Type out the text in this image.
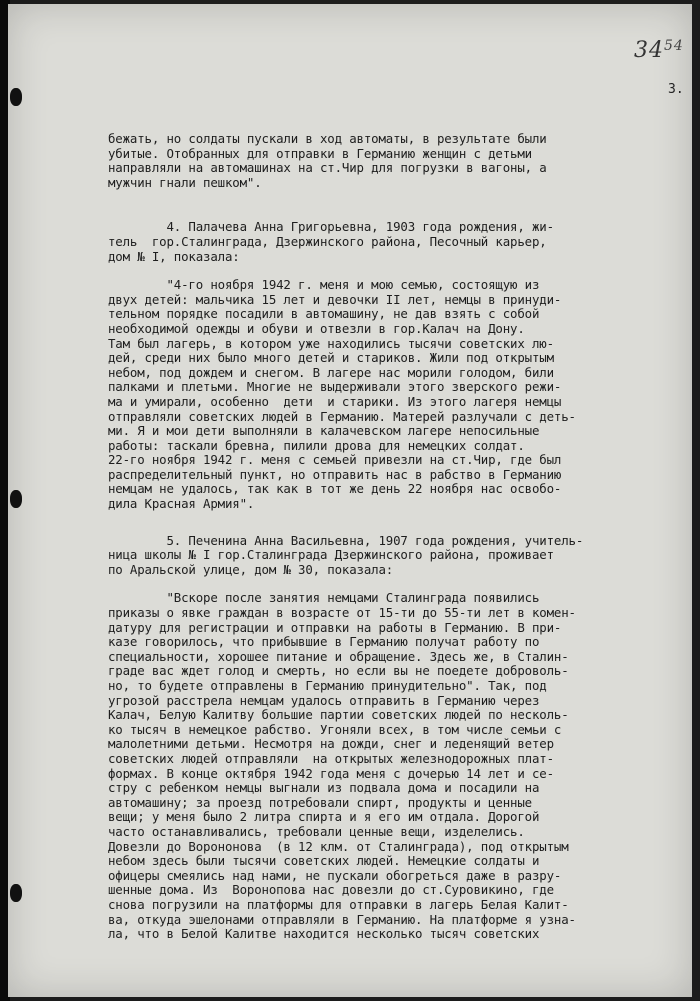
$34^{54}$
3.
бежать, но солдаты пускали в ход автоматы, в результате были
убитые. Отобранных для отправки в Германию женщин с детьми
направляли на автомашинах на ст.Чир для погрузки в вагоны, а
мужчин гнали пешком".
4. Палачева Анна Григорьевна, 1903 года рождения, жи-
тель  гор.Сталинграда, Дзержинского района, Песочный карьер,
дом № I, показала:
"4-го ноября 1942 г. меня и мою семью, состоящую из
двух детей: мальчика 15 лет и девочки II лет, немцы в принуди-
тельном порядке посадили в автомашину, не дав взять с собой
необходимой одежды и обуви и отвезли в гор.Калач на Дону.
Там был лагерь, в котором уже находились тысячи советских лю-
дей, среди них было много детей и стариков. Жили под открытым
небом, под дождем и снегом. В лагере нас морили голодом, били
палками и плетьми. Многие не выдерживали этого зверского режи-
ма и умирали, особенно  дети  и старики. Из этого лагеря немцы
отправляли советских людей в Германию. Матерей разлучали с деть-
ми. Я и мои дети выполняли в калачевском лагере непосильные
работы: таскали бревна, пилили дрова для немецких солдат.
22-го ноября 1942 г. меня с семьей привезли на ст.Чир, где был
распределительный пункт, но отправить нас в рабство в Германию
немцам не удалось, так как в тот же день 22 ноября нас освобо-
дила Красная Армия".
5. Печенина Анна Васильевна, 1907 года рождения, учитель-
ница школы № I гор.Сталинграда Дзержинского района, проживает
по Аральской улице, дом № 30, показала:
"Вскоре после занятия немцами Сталинграда появились
приказы о явке граждан в возрасте от 15-ти до 55-ти лет в комен-
датуру для регистрации и отправки на работы в Германию. В при-
казе говорилось, что прибывшие в Германию получат работу по
специальности, хорошее питание и обращение. Здесь же, в Сталин-
граде вас ждет голод и смерть, но если вы не поедете доброволь-
но, то будете отправлены в Германию принудительно". Так, под
угрозой расстрела немцам удалось отправить в Германию через
Калач, Белую Калитву большие партии советских людей по несколь-
ко тысяч в немецкое рабство. Угоняли всех, в том числе семьи с
малолетними детьми. Несмотря на дожди, снег и леденящий ветер
советских людей отправляли  на открытых железнодорожных плат-
формах. В конце октября 1942 года меня с дочерью 14 лет и се-
стру с ребенком немцы выгнали из подвала дома и посадили на
автомашину; за проезд потребовали спирт, продукты и ценные
вещи; у меня было 2 литра спирта и я его им отдала. Дорогой
часто останавливались, требовали ценные вещи, изделелись.
Довезли до Ворононова  (в 12 клм. от Сталинграда), под открытым
небом здесь были тысячи советских людей. Немецкие солдаты и
офицеры смеялись над нами, не пускали обогреться даже в разру-
шенные дома. Из  Воронопова нас довезли до ст.Суровикино, где
снова погрузили на платформы для отправки в лагерь Белая Калит-
ва, откуда эшелонами отправляли в Германию. На платформе я узна-
ла, что в Белой Калитве находится несколько тысяч советских
